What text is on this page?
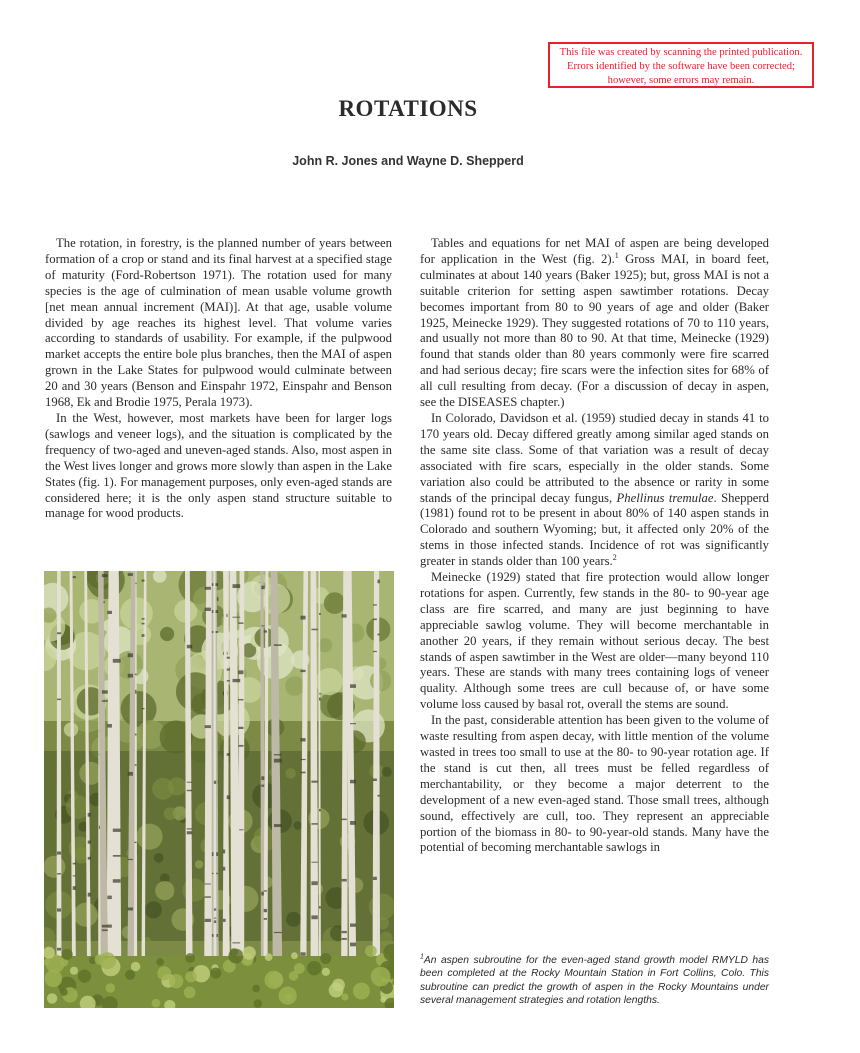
This file was created by scanning the printed publication.
Errors identified by the software have been corrected;
however, some errors may remain.
ROTATIONS
John R. Jones and Wayne D. Shepperd

The rotation, in forestry, is the planned number of years between formation of a crop or stand and its final harvest at a specified stage of maturity (Ford-Robertson 1971). The rotation used for many species is the age of culmination of mean usable volume growth [net mean annual increment (MAI)]. At that age, usable volume divided by age reaches its highest level. That volume varies according to standards of usability. For example, if the pulpwood market accepts the entire bole plus branches, then the MAI of aspen grown in the Lake States for pulpwood would culminate between 20 and 30 years (Benson and Einspahr 1972, Einspahr and Benson 1968, Ek and Brodie 1975, Perala 1973).

In the West, however, most markets have been for larger logs (sawlogs and veneer logs), and the situation is complicated by the frequency of two-aged and uneven-aged stands. Also, most aspen in the West lives longer and grows more slowly than aspen in the Lake States (fig. 1). For management purposes, only even-aged stands are considered here; it is the only aspen stand structure suitable to manage for wood products.

Tables and equations for net MAI of aspen are being developed for application in the West (fig. 2).$^1$ Gross MAI, in board feet, culminates at about 140 years (Baker 1925); but, gross MAI is not a suitable criterion for setting aspen sawtimber rotations. Decay becomes important from 80 to 90 years of age and older (Baker 1925, Meinecke 1929). They suggested rotations of 70 to 110 years, and usually not more than 80 to 90. At that time, Meinecke (1929) found that stands older than 80 years commonly were fire scarred and had serious decay; fire scars were the infection sites for 68% of all cull resulting from decay. (For a discussion of decay in aspen, see the DISEASES chapter.)

In Colorado, Davidson et al. (1959) studied decay in stands 41 to 170 years old. Decay differed greatly among similar aged stands on the same site class. Some of that variation was a result of decay associated with fire scars, especially in the older stands. Some variation also could be attributed to the absence or rarity in some stands of the principal decay fungus, Phellinus tremulae. Shepperd (1981) found rot to be present in about 80% of 140 aspen stands in Colorado and southern Wyoming; but, it affected only 20% of the stems in those infected stands. Incidence of rot was significantly greater in stands older than 100 years.$^2$

Meinecke (1929) stated that fire protection would allow longer rotations for aspen. Currently, few stands in the 80- to 90-year age class are fire scarred, and many are just beginning to have appreciable sawlog volume. They will become merchantable in another 20 years, if they remain without serious decay. The best stands of aspen sawtimber in the West are older—many beyond 110 years. These are stands with many trees containing logs of veneer quality. Although some trees are cull because of, or have some volume loss caused by basal rot, overall the stems are sound.

In the past, considerable attention has been given to the volume of waste resulting from aspen decay, with little mention of the volume wasted in trees too small to use at the 80- to 90-year rotation age. If the stand is cut then, all trees must be felled regardless of merchantability, or they become a major deterrent to the development of a new even-aged stand. Those small trees, although sound, effectively are cull, too. They represent an appreciable portion of the biomass in 80- to 90-year-old stands. Many have the potential of becoming merchantable sawlogs in

$^1$An aspen subroutine for the even-aged stand growth model RMYLD has been completed at the Rocky Mountain Station in Fort Collins, Colo. This subroutine can predict the growth of aspen in the Rocky Mountains under several management strategies and rotation lengths.
